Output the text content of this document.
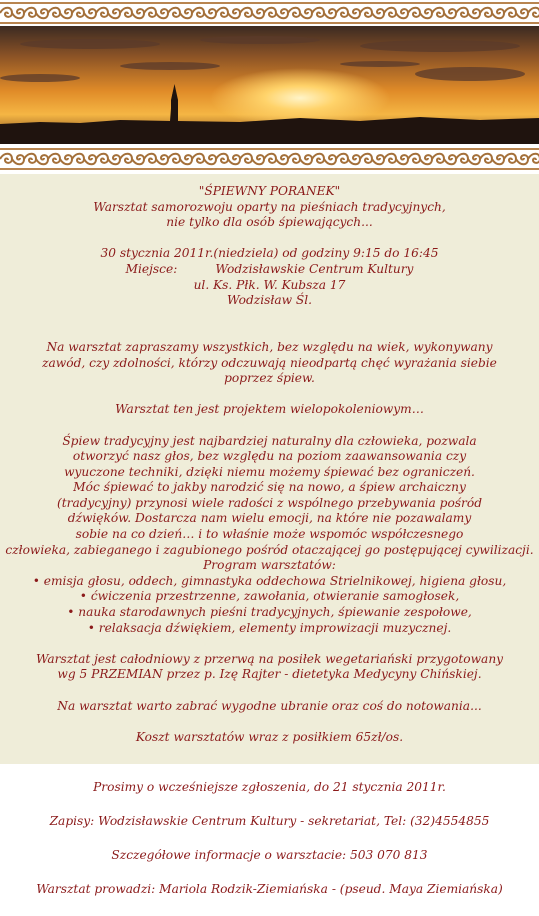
"ŚPIEWNY PORANEK"

Warsztat samorozwoju oparty na pieśniach tradycyjnych,

nie tylko dla osób śpiewających...

30 stycznia 2011r.(niedziela) od godziny 9:15 do 16:45

Miejsce:	Wodzisławskie Centrum Kultury

ul. Ks. Płk. W. Kubsza 17

Wodzisław Śl.

Na warsztat zapraszamy wszystkich, bez względu na wiek, wykonywany

zawód, czy zdolności, którzy odczuwają nieodpartą chęć wyrażania siebie

poprzez śpiew.

Warsztat ten jest projektem wielopokoleniowym…

Śpiew tradycyjny jest najbardziej naturalny dla człowieka, pozwala

otworzyć nasz głos, bez względu na poziom zaawansowania czy

wyuczone techniki, dzięki niemu możemy śpiewać bez ograniczeń.

Móc śpiewać to jakby narodzić się na nowo, a śpiew archaiczny

(tradycyjny) przynosi wiele radości z wspólnego przebywania pośród

dźwięków. Dostarcza nam wielu emocji, na które nie pozawalamy

sobie na co dzień… i to właśnie może wspomóc współczesnego

człowieka, zabieganego i zagubionego pośród otaczającej go postępującej cywilizacji.

Program warsztatów:

• emisja głosu, oddech, gimnastyka oddechowa Strielnikowej, higiena głosu,

• ćwiczenia przestrzenne, zawołania, otwieranie samogłosek,

• nauka starodawnych pieśni tradycyjnych, śpiewanie zespołowe,

• relaksacja dźwiękiem, elementy improwizacji muzycznej.

Warsztat jest całodniowy z przerwą na posiłek wegetariański przygotowany

wg 5 PRZEMIAN przez p. Izę Rajter - dietetyka Medycyny Chińskiej.

Na warsztat warto zabrać wygodne ubranie oraz coś do notowania...

Koszt warsztatów wraz z posiłkiem 65zł/os.

Prosimy o wcześniejsze zgłoszenia, do 21 stycznia 2011r.

Zapisy: Wodzisławskie Centrum Kultury - sekretariat, Tel: (32)4554855

Szczegółowe informacje o warsztacie: 503 070 813

Warsztat prowadzi: Mariola Rodzik-Ziemiańska - (pseud. Maya Ziemiańska)
